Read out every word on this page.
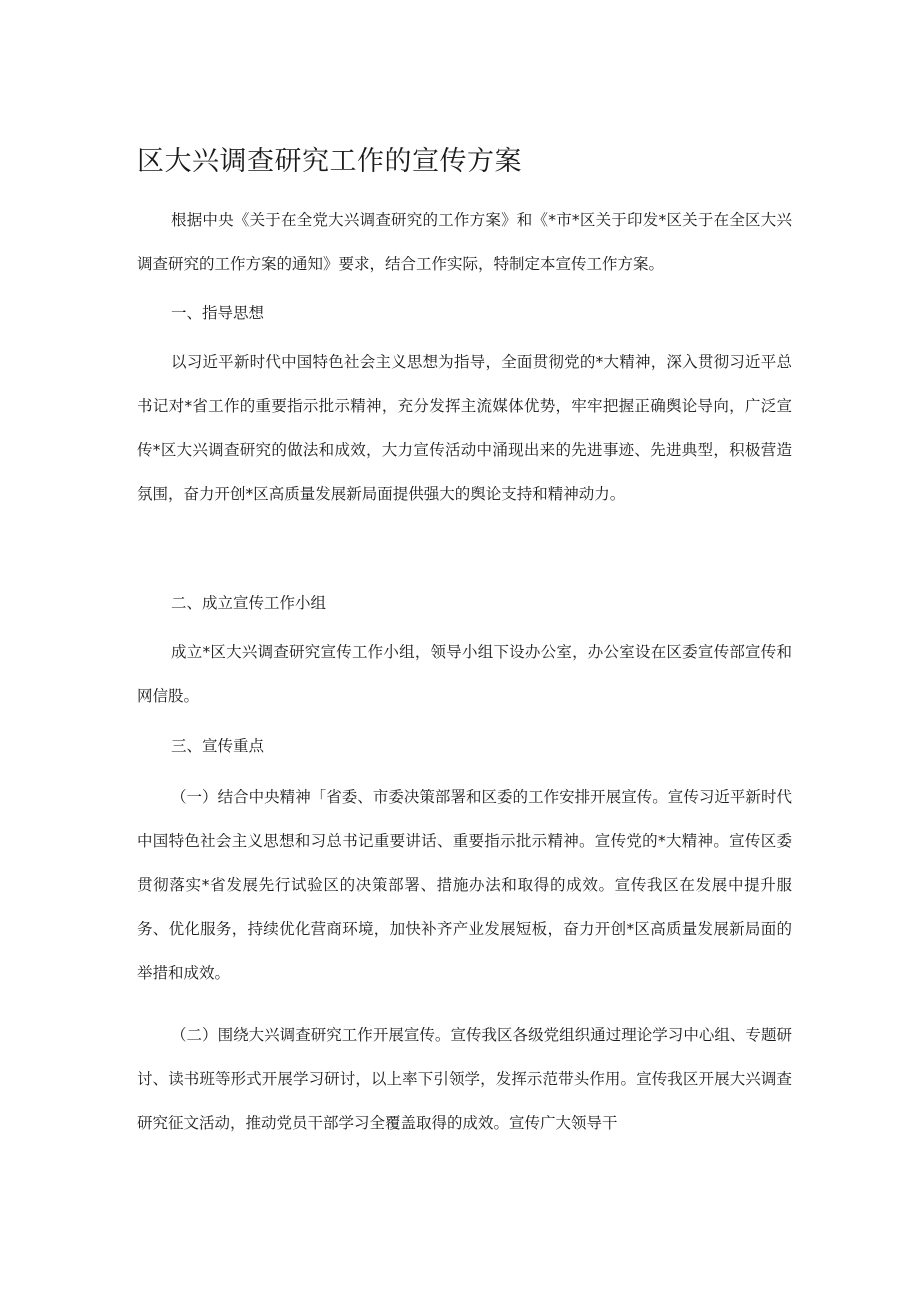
区大兴调查研究工作的宣传方案

根据中央《关于在全党大兴调查研究的工作方案》和《*市*区关于印发*区关于在全区大兴调查研究的工作方案的通知》要求，结合工作实际，特制定本宣传工作方案。

一、指导思想

以习近平新时代中国特色社会主义思想为指导，全面贯彻党的*大精神，深入贯彻习近平总书记对*省工作的重要指示批示精神，充分发挥主流媒体优势，牢牢把握正确舆论导向，广泛宣传*区大兴调查研究的做法和成效，大力宣传活动中涌现出来的先进事迹、先进典型，积极营造氛围，奋力开创*区高质量发展新局面提供强大的舆论支持和精神动力。

二、成立宣传工作小组

成立*区大兴调查研究宣传工作小组，领导小组下设办公室，办公室设在区委宣传部宣传和网信股。

三、宣传重点

（一）结合中央精神「省委、市委决策部署和区委的工作安排开展宣传。宣传习近平新时代中国特色社会主义思想和习总书记重要讲话、重要指示批示精神。宣传党的*大精神。宣传区委贯彻落实*省发展先行试验区的决策部署、措施办法和取得的成效。宣传我区在发展中提升服务、优化服务，持续优化营商环境，加快补齐产业发展短板，奋力开创*区高质量发展新局面的举措和成效。

（二）围绕大兴调查研究工作开展宣传。宣传我区各级党组织通过理论学习中心组、专题研讨、读书班等形式开展学习研讨，以上率下引领学，发挥示范带头作用。宣传我区开展大兴调查研究征文活动，推动党员干部学习全覆盖取得的成效。宣传广大领导干
